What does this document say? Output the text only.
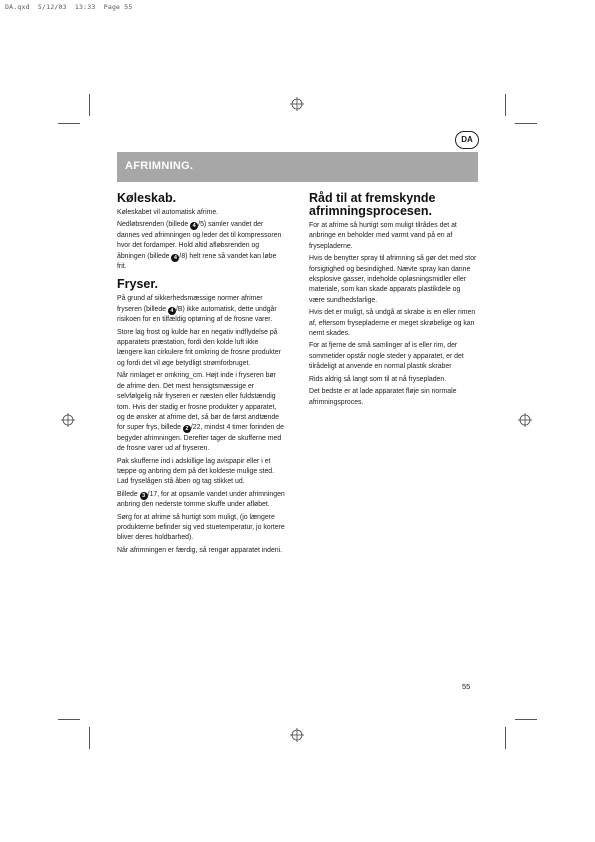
DA.qxd  5/12/03  13:33  Page 55
DA
AFRIMNING.
Køleskab.

Køleskabet vil automatisk afrime.

Nedløbsrenden (billede 4 /5) samler vandet der dannes ved afrimningen og leder det til kompressoren hvor det fordamper. Hold altid afløbsrenden og åbningen (billede 4 /8) helt rene så vandet kan løbe frit.

Fryser.

På grund af sikkerhedsmæssige normer afrimer fryseren (billede 4 /B) ikke automatisk, dette undgår risikoen for en tilfældig optøning af de frosne varer.

Store lag frost og kulde har en negativ indflydelse på apparatets præstation, fordi den kolde luft ikke længere kan cirkulere frit omkring de frosne produkter og fordi det vil øge betydligt strømforbruget.

Når rimlaget er omkring_cm. Højt inde i fryseren bør de afrime den. Det mest hensigtsmæssige er selvfølgelig når fryseren er næsten eller fuldstændig tom. Hvis der stadig er frosne produkter y apparatet, og de ønsker at afrime det, så bør de først andtænde for super frys, billede 2 /22, mindst 4 timer forinden de begyder afrimningen. Derefter tager de skufferne med de frosne varer ud af fryseren.

Pak skufferne ind i adskillige lag avispapir eller i et tæppe og anbring dem på det koldeste mulige sted. Lad fryselågen stå åben og tag stikket ud.

Billede 3 /17, for at opsamle vandet under afrimningen anbring den nederste tomme skuffe under afløbet.

Sørg for at afrime så hurtigt som muligt, (jo længere produkterne befinder sig ved stuetemperatur, jo kortere bliver deres holdbarhed).

Når afrimningen er færdig, så rengør apparatet indeni.

Råd til at fremskynde afrimningsprocesen.

For at afrime så hurtigt som muligt tilrådes det at anbringe en beholder med varmt vand på en af frysepladerne.

Hvis de benytter spray til afrimning så gør det med stor forsigtighed og besindighed. Nævte spray kan danne eksplosive gasser, indeholde opløsningsmidler eller materiale, som kan skade apparats plastikdele og være sundhedsfarlige.

Hvis det er muligt, så undgå at skrabe is en eller rimen af, eftersom frysepladerne er meget skrøbelige og kan nemt skades.

For at fjerne de små samlinger af is eller rim, der sommetider opstår nogle steder y apparatet, er det tilrådeligt at anvende en normal plastik skraber

Rids aldrig så langt som til at nå frysepladen.

Det bedste er at lade apparatet fløje sin normale afrimningsproces.

55
